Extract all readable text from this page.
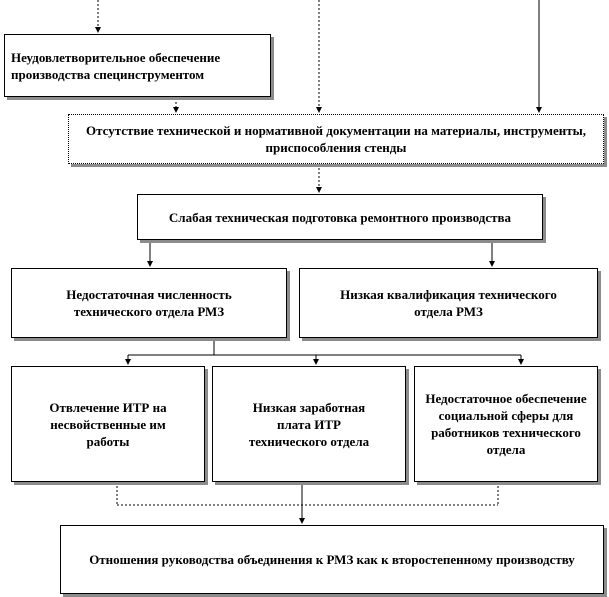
Неудовлетворительное обеспечение производства специнструментом
Отсутствие технической и нормативной документации на материалы, инструменты, приспособления стенды
Слабая техническая подготовка ремонтного производства
Недостаточная численность технического отдела РМЗ
Низкая квалификация технического отдела РМЗ
Отвлечение ИТР на несвойственные им работы
Низкая заработная плата ИТР технического отдела
Недостаточное обеспечение социальной сферы для работников технического отдела
Отношения руководства объединения к РМЗ как к второстепенному производству
